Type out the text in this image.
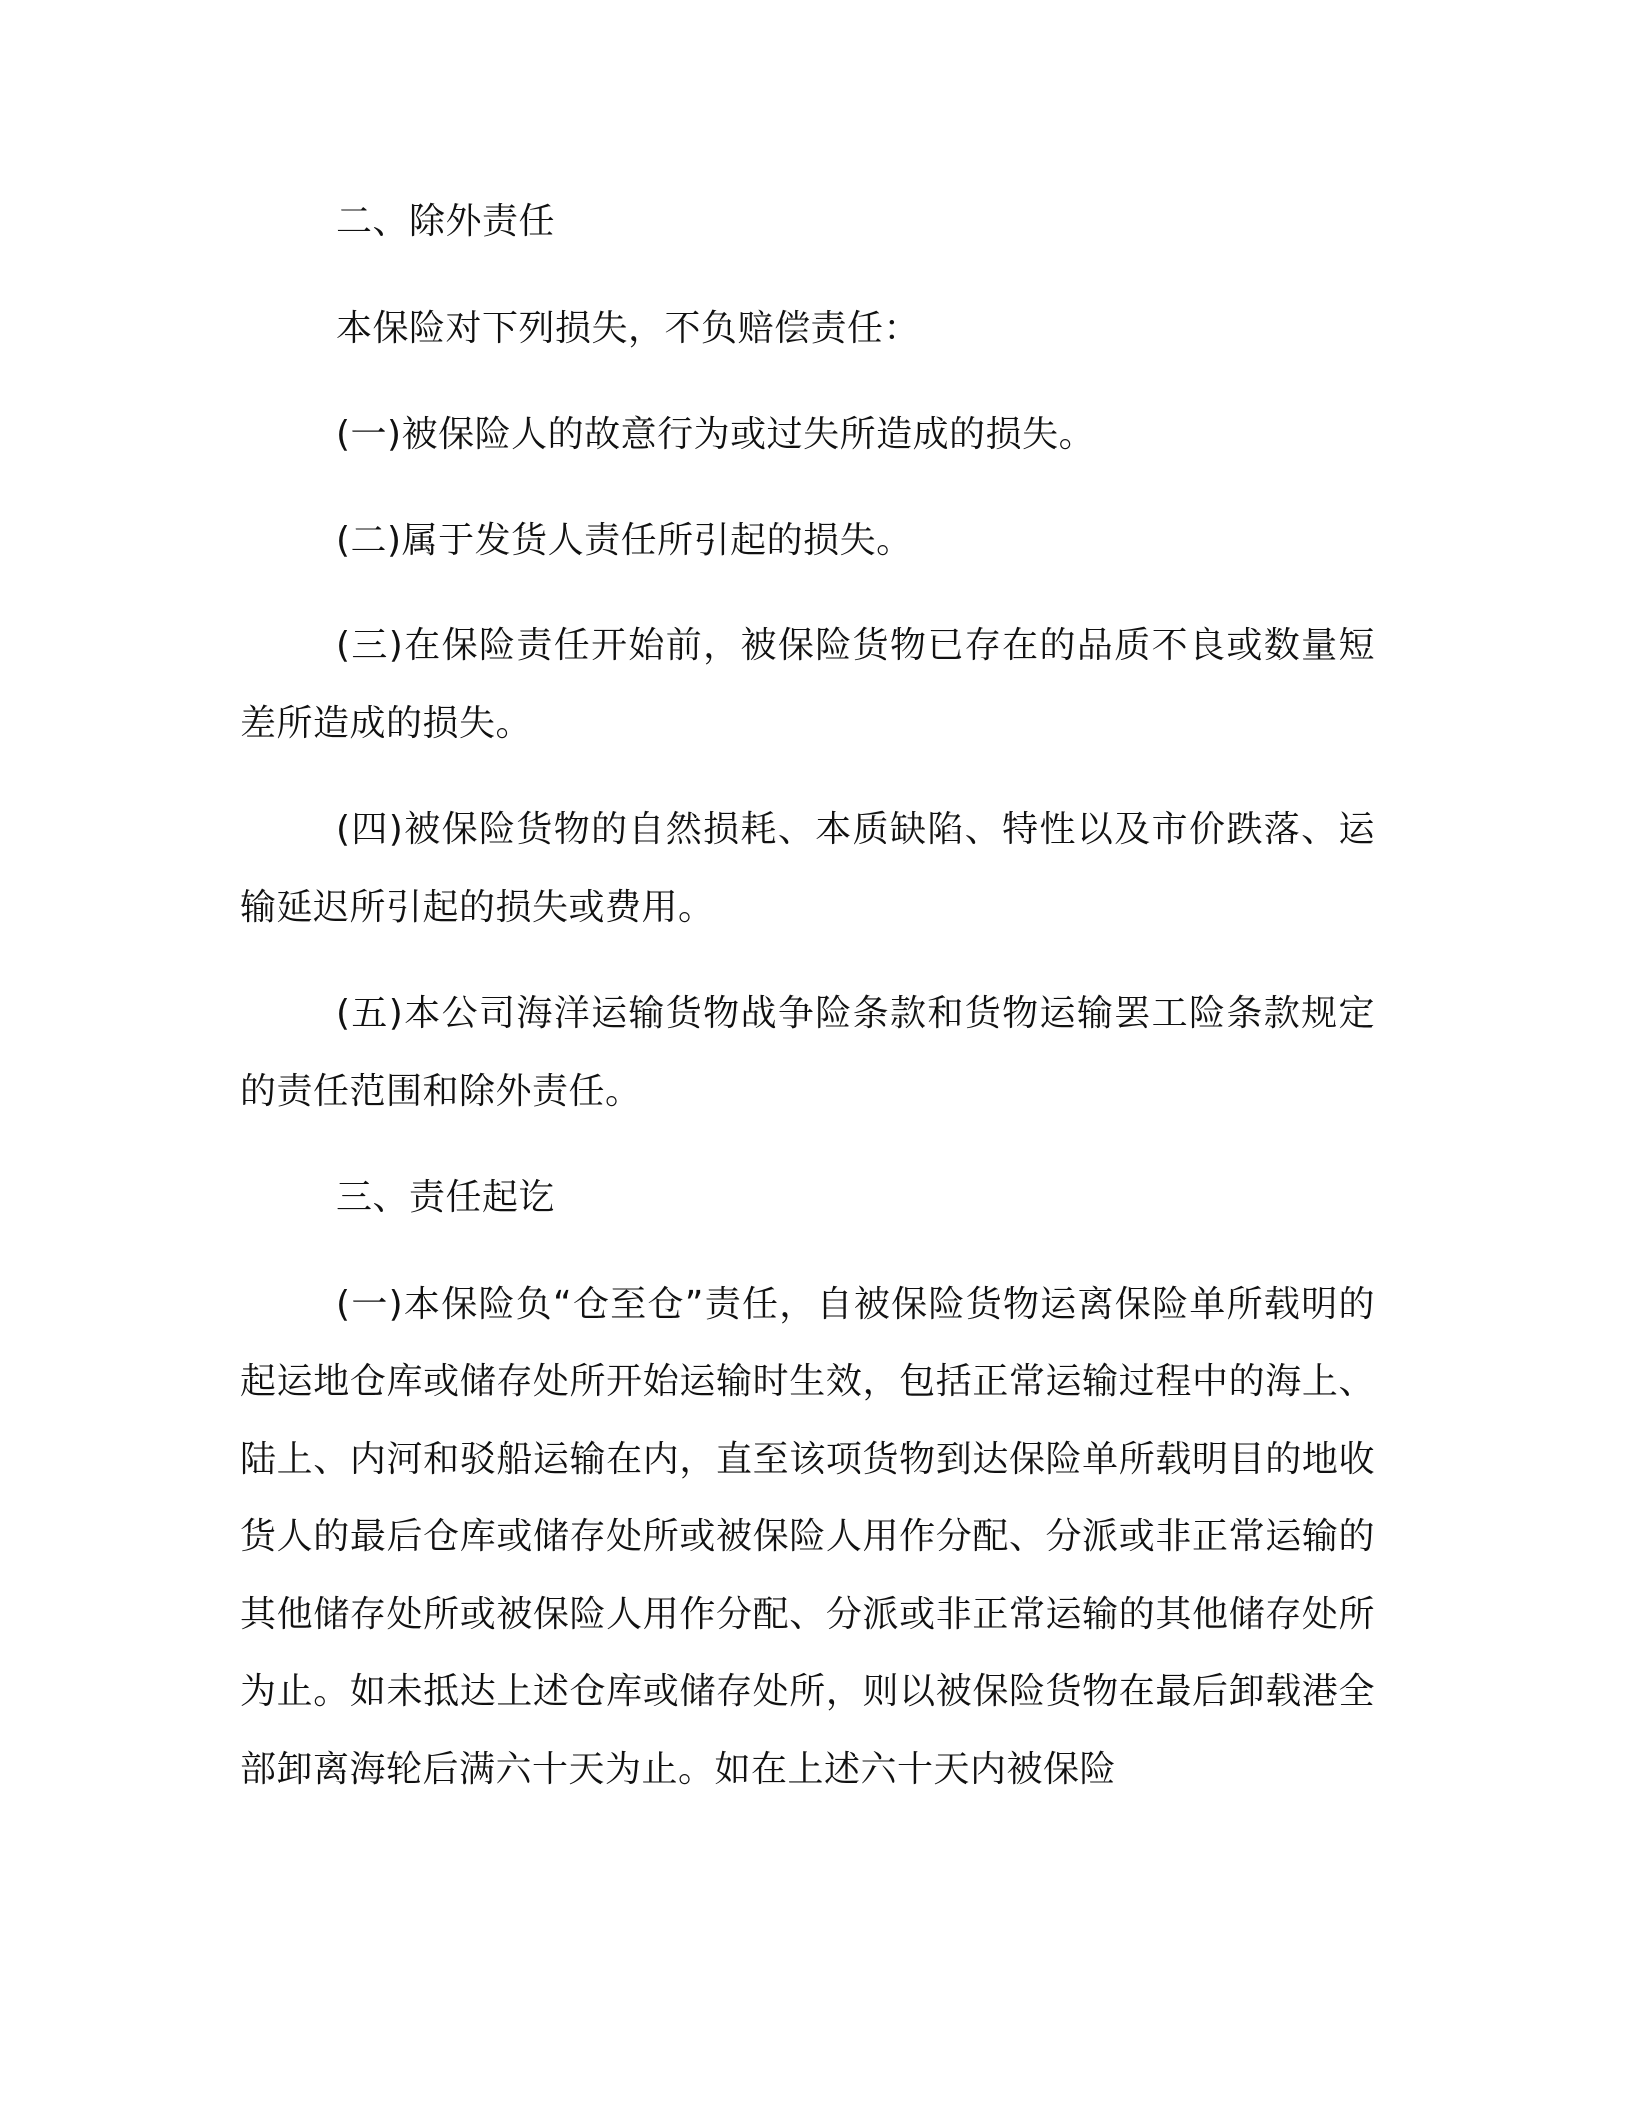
二、除外责任

本保险对下列损失，不负赔偿责任：

(一)被保险人的故意行为或过失所造成的损失。

(二)属于发货人责任所引起的损失。

(三)在保险责任开始前，被保险货物已存在的品质不良或数量短差所造成的损失。

(四)被保险货物的自然损耗、本质缺陷、特性以及市价跌落、运输延迟所引起的损失或费用。

(五)本公司海洋运输货物战争险条款和货物运输罢工险条款规定的责任范围和除外责任。

三、责任起讫

(一)本保险负“仓至仓”责任，自被保险货物运离保险单所载明的起运地仓库或储存处所开始运输时生效，包括正常运输过程中的海上、陆上、内河和驳船运输在内，直至该项货物到达保险单所载明目的地收货人的最后仓库或储存处所或被保险人用作分配、分派或非正常运输的其他储存处所或被保险人用作分配、分派或非正常运输的其他储存处所为止。如未抵达上述仓库或储存处所，则以被保险货物在最后卸载港全部卸离海轮后满六十天为止。如在上述六十天内被保险
